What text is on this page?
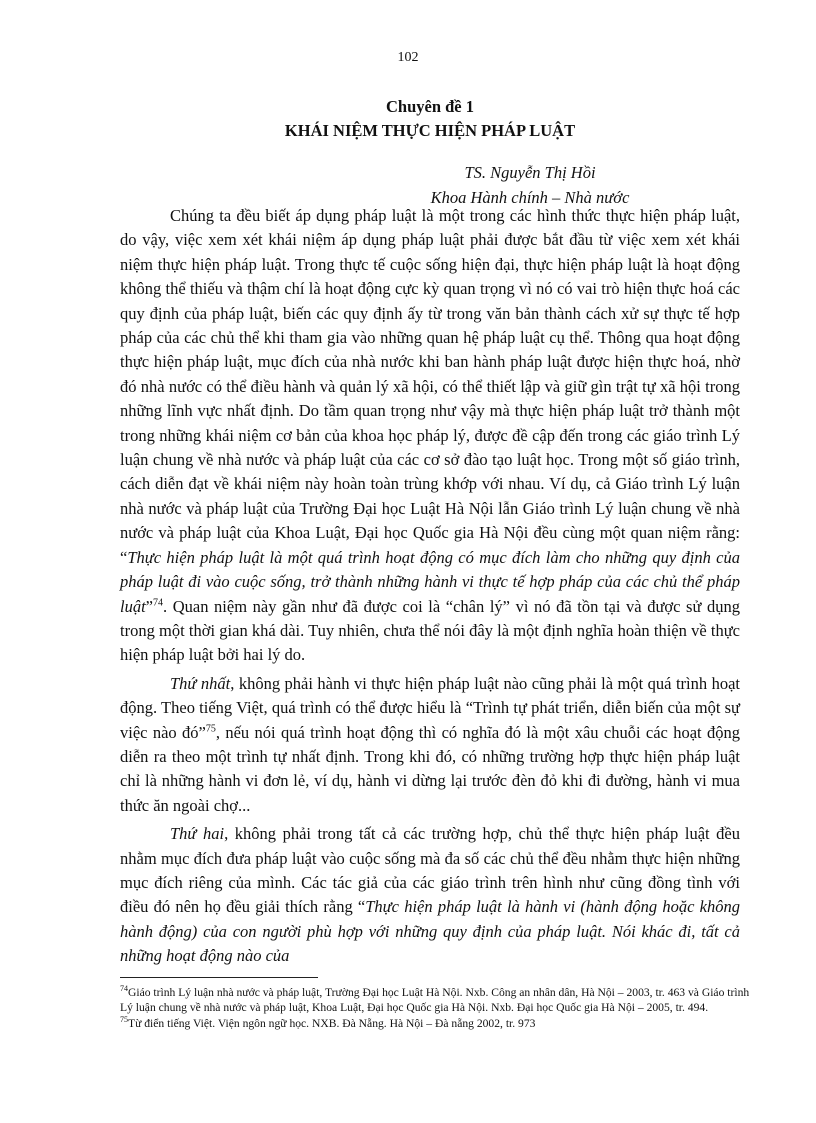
102
Chuyên đề 1
KHÁI NIỆM THỰC HIỆN PHÁP LUẬT
TS. Nguyễn Thị Hồi
Khoa Hành chính – Nhà nước

Chúng ta đều biết áp dụng pháp luật là một trong các hình thức thực hiện pháp luật, do vậy, việc xem xét khái niệm áp dụng pháp luật phải được bắt đầu từ việc xem xét khái niệm thực hiện pháp luật. Trong thực tế cuộc sống hiện đại, thực hiện pháp luật là hoạt động không thể thiếu và thậm chí là hoạt động cực kỳ quan trọng vì nó có vai trò hiện thực hoá các quy định của pháp luật, biến các quy định ấy từ trong văn bản thành cách xử sự thực tế hợp pháp của các chủ thể khi tham gia vào những quan hệ pháp luật cụ thể. Thông qua hoạt động thực hiện pháp luật, mục đích của nhà nước khi ban hành pháp luật được hiện thực hoá, nhờ đó nhà nước có thể điều hành và quản lý xã hội, có thể thiết lập và giữ gìn trật tự xã hội trong những lĩnh vực nhất định. Do tầm quan trọng như vậy mà thực hiện pháp luật trở thành một trong những khái niệm cơ bản của khoa học pháp lý, được đề cập đến trong các giáo trình Lý luận chung về nhà nước và pháp luật của các cơ sở đào tạo luật học. Trong một số giáo trình, cách diễn đạt về khái niệm này hoàn toàn trùng khớp với nhau. Ví dụ, cả Giáo trình Lý luận nhà nước và pháp luật của Trường Đại học Luật Hà Nội lẫn Giáo trình Lý luận chung về nhà nước và pháp luật của Khoa Luật, Đại học Quốc gia Hà Nội đều cùng một quan niệm rằng: “Thực hiện pháp luật là một quá trình hoạt động có mục đích làm cho những quy định của pháp luật đi vào cuộc sống, trở thành những hành vi thực tế hợp pháp của các chủ thể pháp luật”$^{74}$. Quan niệm này gần như đã được coi là “chân lý” vì nó đã tồn tại và được sử dụng trong một thời gian khá dài. Tuy nhiên, chưa thể nói đây là một định nghĩa hoàn thiện về thực hiện pháp luật bởi hai lý do.

Thứ nhất, không phải hành vi thực hiện pháp luật nào cũng phải là một quá trình hoạt động. Theo tiếng Việt, quá trình có thể được hiểu là “Trình tự phát triển, diễn biến của một sự việc nào đó”$^{75}$, nếu nói quá trình hoạt động thì có nghĩa đó là một xâu chuỗi các hoạt động diễn ra theo một trình tự nhất định. Trong khi đó, có những trường hợp thực hiện pháp luật chỉ là những hành vi đơn lẻ, ví dụ, hành vi dừng lại trước đèn đỏ khi đi đường, hành vi mua thức ăn ngoài chợ...

Thứ hai, không phải trong tất cả các trường hợp, chủ thể thực hiện pháp luật đều nhằm mục đích đưa pháp luật vào cuộc sống mà đa số các chủ thể đều nhằm thực hiện những mục đích riêng của mình. Các tác giả của các giáo trình trên hình như cũng đồng tình với điều đó nên họ đều giải thích rằng “Thực hiện pháp luật là hành vi (hành động hoặc không hành động) của con người phù hợp với những quy định của pháp luật. Nói khác đi, tất cả những hoạt động nào của

$^{74}$Giáo trình Lý luận nhà nước và pháp luật, Trường Đại học Luật Hà Nội. Nxb. Công an nhân dân, Hà Nội – 2003, tr. 463 và Giáo trình Lý luận chung về nhà nước và pháp luật, Khoa Luật, Đại học Quốc gia Hà Nội. Nxb. Đại học Quốc gia Hà Nội – 2005, tr. 494.
$^{75}$Từ điển tiếng Việt. Viện ngôn ngữ học. NXB. Đà Nẵng. Hà Nội – Đà nẵng 2002, tr. 973
